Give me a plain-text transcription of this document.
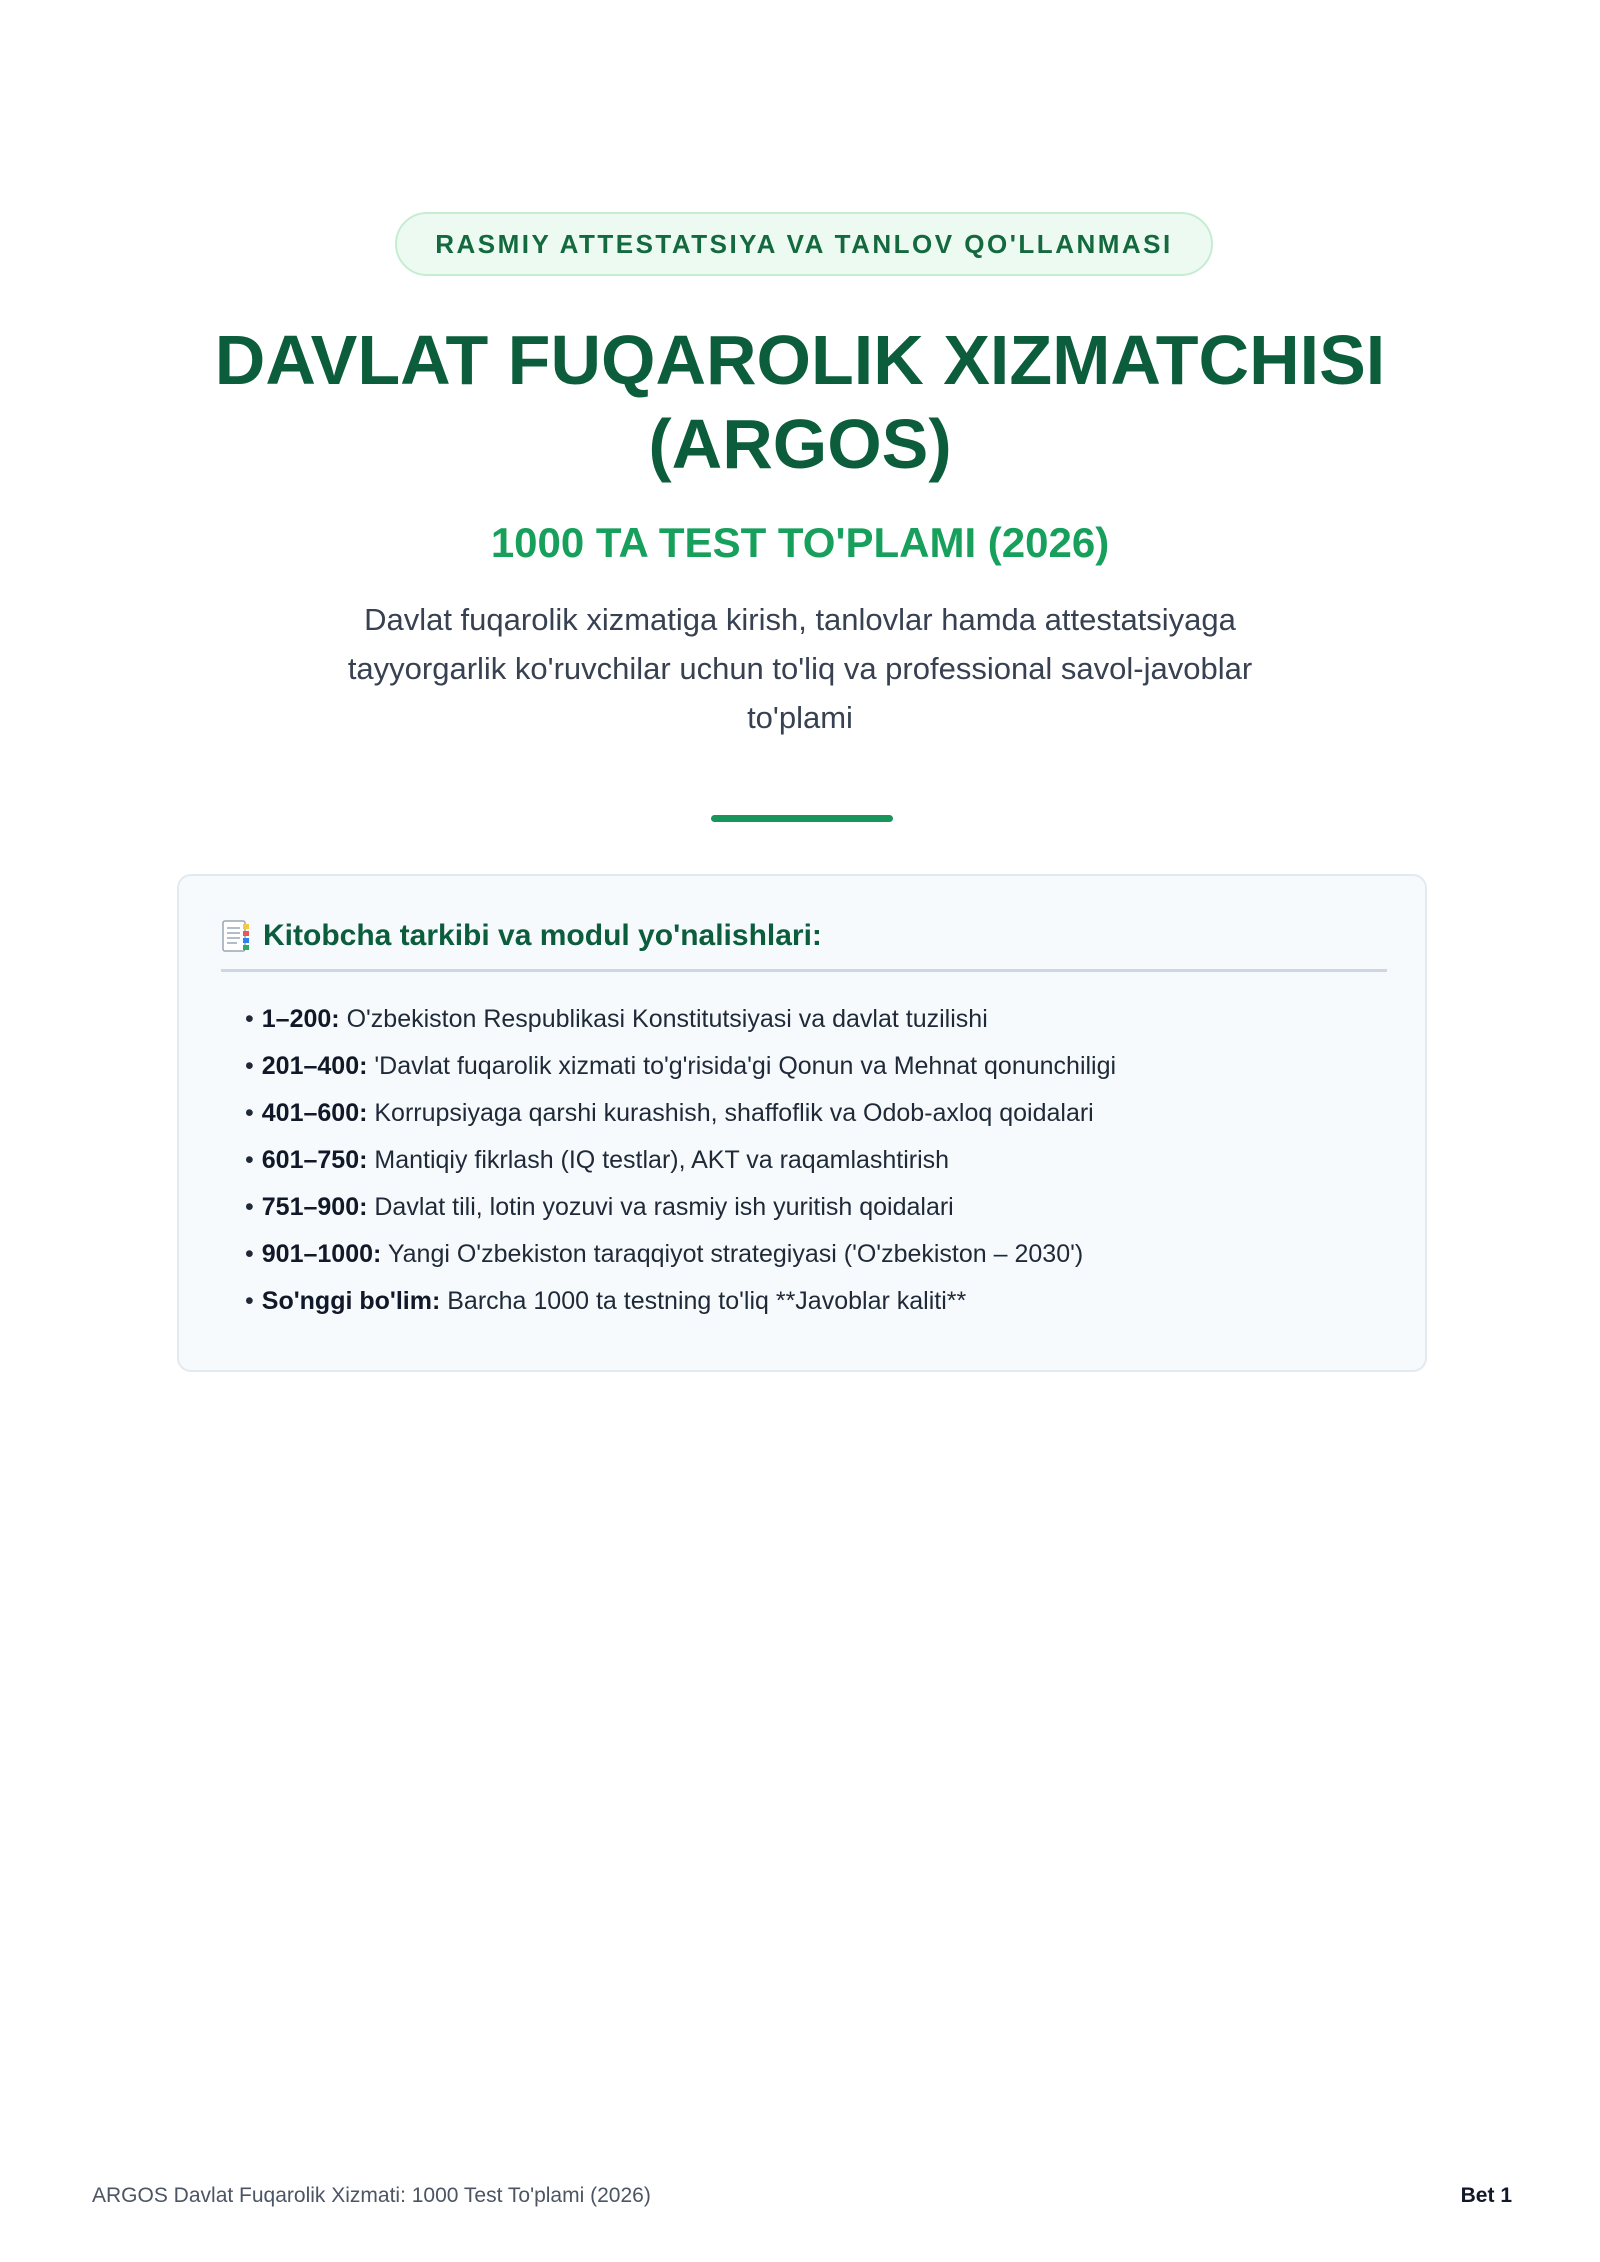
RASMIY ATTESTATSIYA VA TANLOV QO'LLANMASI
DAVLAT FUQAROLIK XIZMATCHISI
(ARGOS)
1000 TA TEST TO'PLAMI (2026)

Davlat fuqarolik xizmatiga kirish, tanlovlar hamda attestatsiyaga tayyorgarlik ko'ruvchilar uchun to'liq va professional savol-javoblar to'plami

Kitobcha tarkibi va modul yo'nalishlari:
• 1–200: O'zbekiston Respublikasi Konstitutsiyasi va davlat tuzilishi
• 201–400: 'Davlat fuqarolik xizmati to'g'risida'gi Qonun va Mehnat qonunchiligi
• 401–600: Korrupsiyaga qarshi kurashish, shaffoflik va Odob-axloq qoidalari
• 601–750: Mantiqiy fikrlash (IQ testlar), AKT va raqamlashtirish
• 751–900: Davlat tili, lotin yozuvi va rasmiy ish yuritish qoidalari
• 901–1000: Yangi O'zbekiston taraqqiyot strategiyasi ('O'zbekiston – 2030')
• So'nggi bo'lim: Barcha 1000 ta testning to'liq **Javoblar kaliti**
ARGOS Davlat Fuqarolik Xizmati: 1000 Test To'plami (2026)	Bet 1
